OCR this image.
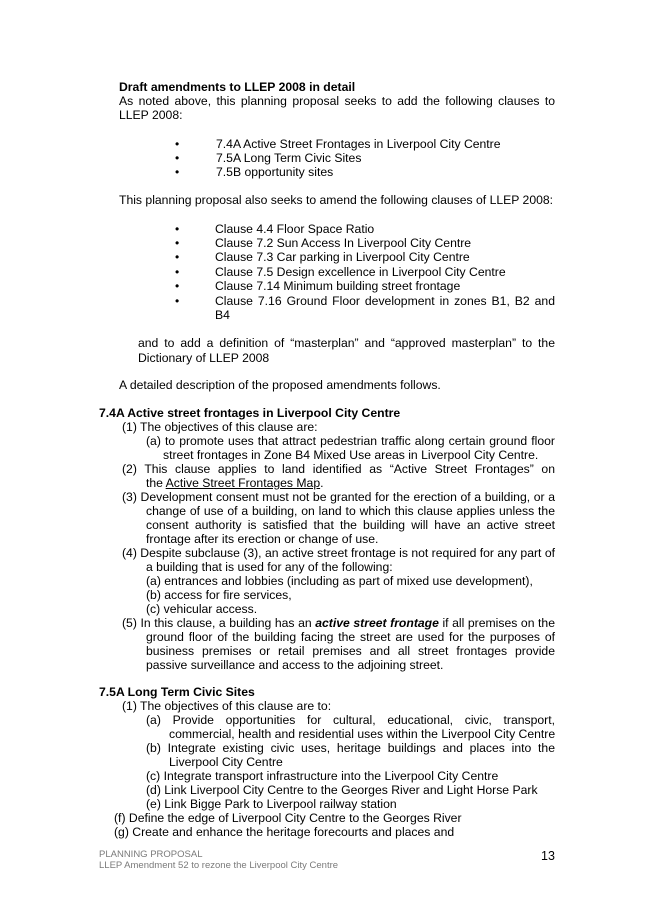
Draft amendments to LLEP 2008 in detail
As noted above, this planning proposal seeks to add the following clauses to
LLEP 2008:
•	7.4A Active Street Frontages in Liverpool City Centre
•	7.5A Long Term Civic Sites
•	7.5B opportunity sites
This planning proposal also seeks to amend the following clauses of LLEP 2008:
•	Clause 4.4 Floor Space Ratio
•	Clause 7.2 Sun Access In Liverpool City Centre
•	Clause 7.3 Car parking in Liverpool City Centre
•	Clause 7.5 Design excellence in Liverpool City Centre
•	Clause 7.14 Minimum building street frontage
•	Clause 7.16 Ground Floor development in zones B1, B2 and
B4
and to add a definition of “masterplan” and “approved masterplan” to the
Dictionary of LLEP 2008
A detailed description of the proposed amendments follows.
7.4A Active street frontages in Liverpool City Centre
(1) The objectives of this clause are:
(a) to promote uses that attract pedestrian traffic along certain ground floor
street frontages in Zone B4 Mixed Use areas in Liverpool City Centre.
(2) This clause applies to land identified as “Active Street Frontages” on
the Active Street Frontages Map.
(3) Development consent must not be granted for the erection of a building, or a
change of use of a building, on land to which this clause applies unless the
consent authority is satisfied that the building will have an active street
frontage after its erection or change of use.
(4) Despite subclause (3), an active street frontage is not required for any part of
a building that is used for any of the following:
(a) entrances and lobbies (including as part of mixed use development),
(b) access for fire services,
(c) vehicular access.
(5) In this clause, a building has an active street frontage if all premises on the
ground floor of the building facing the street are used for the purposes of
business premises or retail premises and all street frontages provide
passive surveillance and access to the adjoining street.
7.5A Long Term Civic Sites
(1) The objectives of this clause are to:
(a) Provide opportunities for cultural, educational, civic, transport,
commercial, health and residential uses within the Liverpool City Centre
(b) Integrate existing civic uses, heritage buildings and places into the
Liverpool City Centre
(c) Integrate transport infrastructure into the Liverpool City Centre
(d) Link Liverpool City Centre to the Georges River and Light Horse Park
(e) Link Bigge Park to Liverpool railway station
(f) Define the edge of Liverpool City Centre to the Georges River
(g) Create and enhance the heritage forecourts and places and
PLANNING PROPOSAL
LLEP Amendment 52 to rezone the Liverpool City Centre
13
